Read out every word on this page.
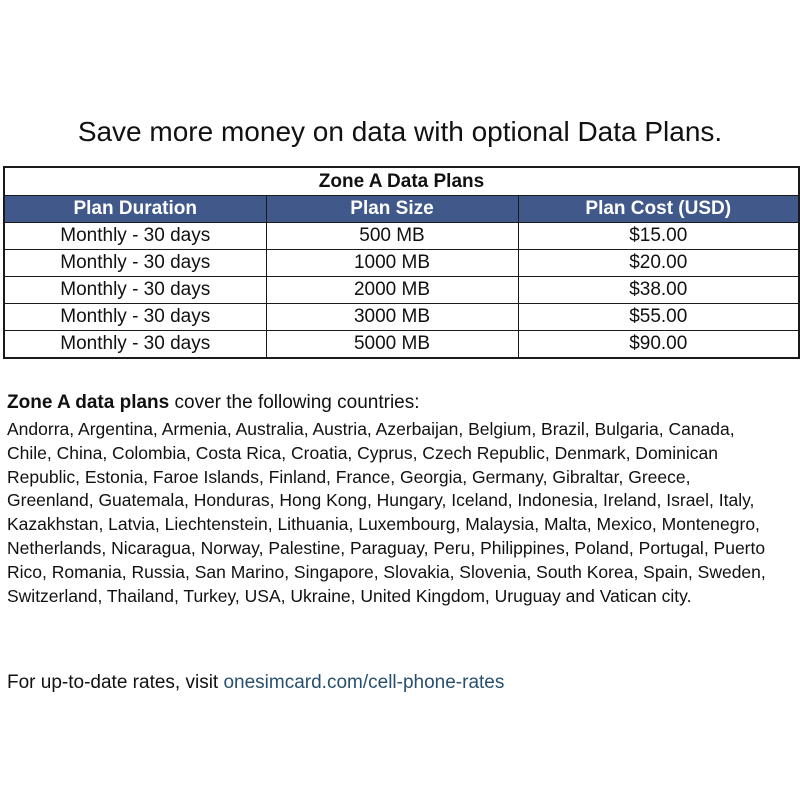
Save more money on data with optional Data Plans.
Zone A Data Plans		
Plan Duration	Plan Size	Plan Cost (USD)
Monthly - 30 days	500 MB	$15.00
Monthly - 30 days	1000 MB	$20.00
Monthly - 30 days	2000 MB	$38.00
Monthly - 30 days	3000 MB	$55.00
Monthly - 30 days	5000 MB	$90.00

Zone A data plans cover the following countries:

Andorra, Argentina, Armenia, Australia, Austria, Azerbaijan, Belgium, Brazil, Bulgaria, Canada, Chile, China, Colombia, Costa Rica, Croatia, Cyprus, Czech Republic, Denmark, Dominican Republic, Estonia, Faroe Islands, Finland, France, Georgia, Germany, Gibraltar, Greece, Greenland, Guatemala, Honduras, Hong Kong, Hungary, Iceland, Indonesia, Ireland, Israel, Italy, Kazakhstan, Latvia, Liechtenstein, Lithuania, Luxembourg, Malaysia, Malta, Mexico, Montenegro, Netherlands, Nicaragua, Norway, Palestine, Paraguay, Peru, Philippines, Poland, Portugal, Puerto Rico, Romania, Russia, San Marino, Singapore, Slovakia, Slovenia, South Korea, Spain, Sweden, Switzerland, Thailand, Turkey, USA, Ukraine, United Kingdom, Uruguay and Vatican city.

For up-to-date rates, visit onesimcard.com/cell-phone-rates
